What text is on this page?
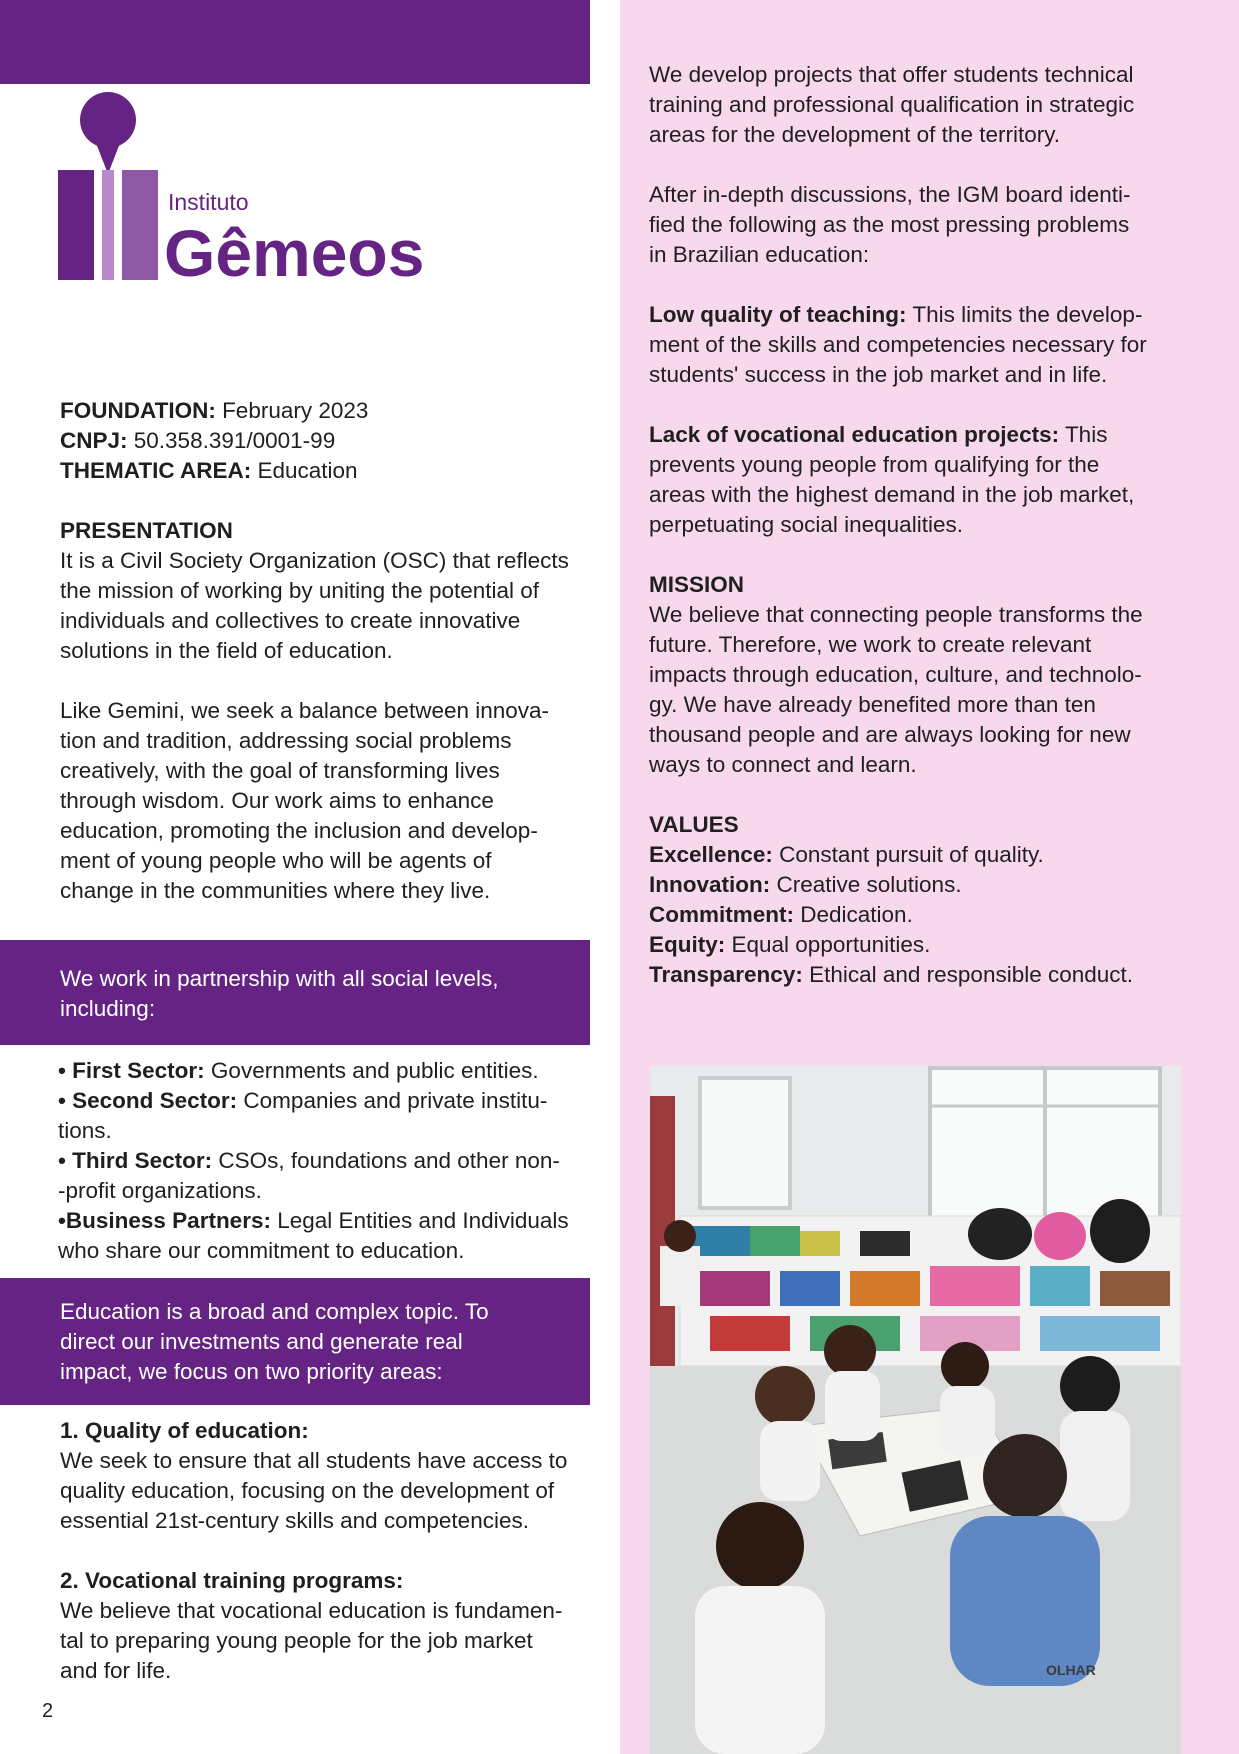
Instituto
Gêmeos
FOUNDATION: February 2023
CNPJ: 50.358.391/0001-99
THEMATIC AREA: Education
PRESENTATION
It is a Civil Society Organization (OSC) that reflects
the mission of working by uniting the potential of
individuals and collectives to create innovative
solutions in the field of education.
Like Gemini, we seek a balance between innova-
tion and tradition, addressing social problems
creatively, with the goal of transforming lives
through wisdom. Our work aims to enhance
education, promoting the inclusion and develop-
ment of young people who will be agents of
change in the communities where they live.
We work in partnership with all social levels,
including:
• First Sector: Governments and public entities.
• Second Sector: Companies and private institu-
tions.
• Third Sector: CSOs, foundations and other non-
-profit organizations.
•Business Partners: Legal Entities and Individuals
who share our commitment to education.
Education is a broad and complex topic. To
direct our investments and generate real
impact, we focus on two priority areas:
1. Quality of education:
We seek to ensure that all students have access to
quality education, focusing on the development of
essential 21st-century skills and competencies.
2. Vocational training programs:
We believe that vocational education is fundamen-
tal to preparing young people for the job market
and for life.
2
We develop projects that offer students technical
training and professional qualification in strategic
areas for the development of the territory.
After in-depth discussions, the IGM board identi-
fied the following as the most pressing problems
in Brazilian education:
Low quality of teaching: This limits the develop-
ment of the skills and competencies necessary for
students' success in the job market and in life.
Lack of vocational education projects: This
prevents young people from qualifying for the
areas with the highest demand in the job market,
perpetuating social inequalities.
MISSION
We believe that connecting people transforms the
future. Therefore, we work to create relevant
impacts through education, culture, and technolo-
gy. We have already benefited more than ten
thousand people and are always looking for new
ways to connect and learn.
VALUES
Excellence: Constant pursuit of quality.
Innovation: Creative solutions.
Commitment: Dedication.
Equity: Equal opportunities.
Transparency: Ethical and responsible conduct.
OLHAR
